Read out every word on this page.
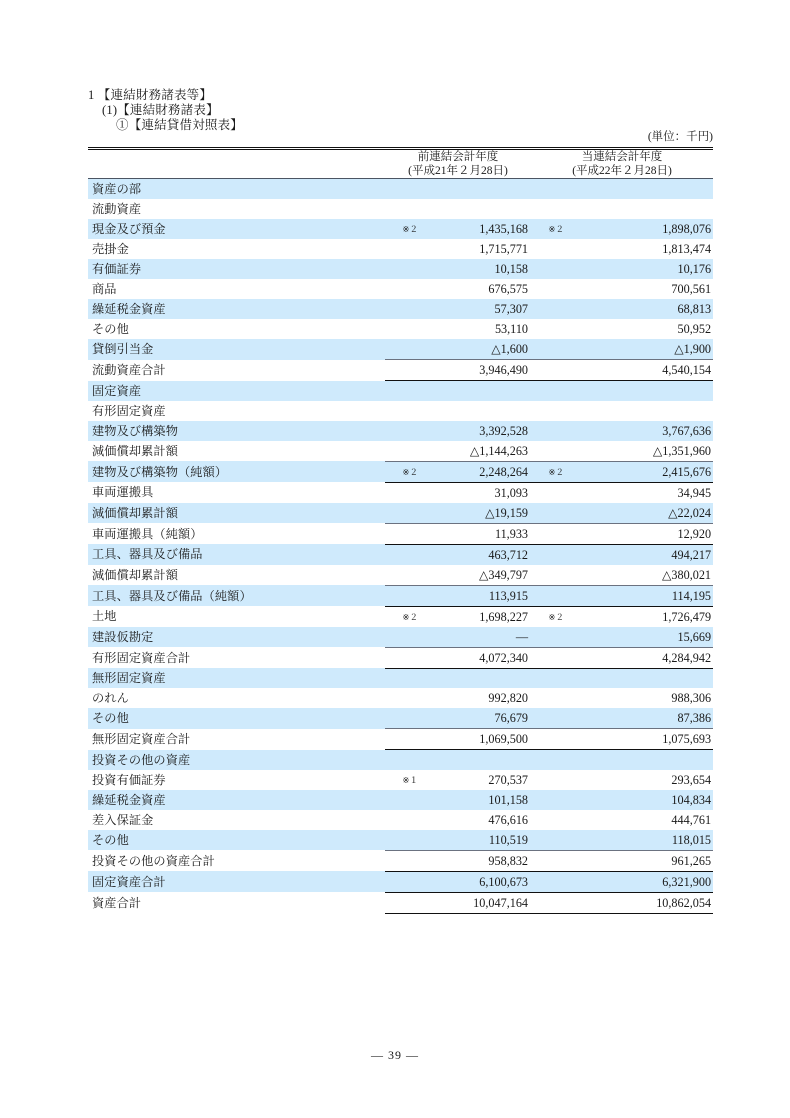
1 【連結財務諸表等】
(1)【連結財務諸表】
①【連結貸借対照表】
(単位：千円)

前連結会計年度
(平成21年２月28日)

当連結会計年度
(平成22年２月28日)

資産の部				
流動資産				
現金及び預金	※２	1,435,168	※２	1,898,076
売掛金		1,715,771		1,813,474
有価証券		10,158		10,176
商品		676,575		700,561
繰延税金資産		57,307		68,813
その他		53,110		50,952
貸倒引当金		△1,600		△1,900
流動資産合計		3,946,490		4,540,154
固定資産				
有形固定資産				
建物及び構築物		3,392,528		3,767,636
減価償却累計額		△1,144,263		△1,351,960
建物及び構築物（純額）	※２	2,248,264	※２	2,415,676
車両運搬具		31,093		34,945
減価償却累計額		△19,159		△22,024
車両運搬具（純額）		11,933		12,920
工具、器具及び備品		463,712		494,217
減価償却累計額		△349,797		△380,021
工具、器具及び備品（純額）		113,915		114,195
土地	※２	1,698,227	※２	1,726,479
建設仮勘定		—		15,669
有形固定資産合計		4,072,340		4,284,942
無形固定資産				
のれん		992,820		988,306
その他		76,679		87,386
無形固定資産合計		1,069,500		1,075,693
投資その他の資産				
投資有価証券	※１	270,537		293,654
繰延税金資産		101,158		104,834
差入保証金		476,616		444,761
その他		110,519		118,015
投資その他の資産合計		958,832		961,265
固定資産合計		6,100,673		6,321,900
資産合計		10,047,164		10,862,054
— 39 —
